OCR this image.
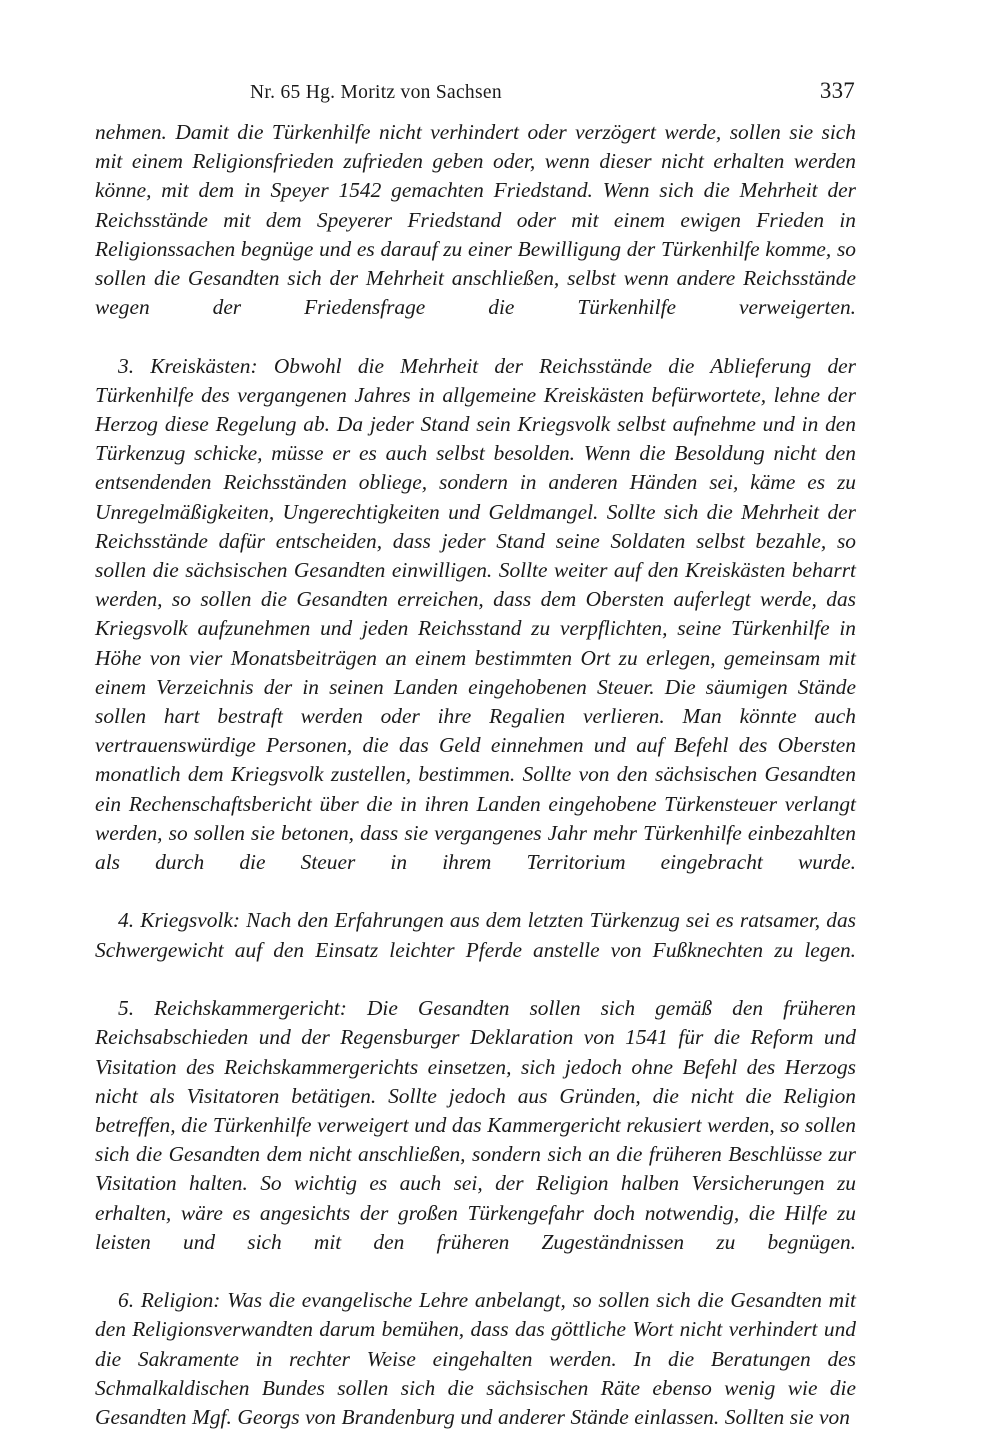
Nr. 65 Hg. Moritz von Sachsen	337

nehmen. Damit die Türkenhilfe nicht verhindert oder verzögert werde, sollen sie sich mit einem Religionsfrieden zufrieden geben oder, wenn dieser nicht erhalten werden könne, mit dem in Speyer 1542 gemachten Friedstand. Wenn sich die Mehrheit der Reichsstände mit dem Speyerer Friedstand oder mit einem ewigen Frieden in Religionssachen begnüge und es darauf zu einer Bewilligung der Türkenhilfe komme, so sollen die Gesandten sich der Mehrheit anschließen, selbst wenn andere Reichsstände wegen der Friedensfrage die Türkenhilfe verweigerten.

3. Kreiskästen: Obwohl die Mehrheit der Reichsstände die Ablieferung der Türkenhilfe des vergangenen Jahres in allgemeine Kreiskästen befürwortete, lehne der Herzog diese Regelung ab. Da jeder Stand sein Kriegsvolk selbst aufnehme und in den Türkenzug schicke, müsse er es auch selbst besolden. Wenn die Besoldung nicht den entsendenden Reichsständen obliege, sondern in anderen Händen sei, käme es zu Unregelmäßigkeiten, Ungerechtigkeiten und Geldmangel. Sollte sich die Mehrheit der Reichsstände dafür entscheiden, dass jeder Stand seine Soldaten selbst bezahle, so sollen die sächsischen Gesandten einwilligen. Sollte weiter auf den Kreiskästen beharrt werden, so sollen die Gesandten erreichen, dass dem Obersten auferlegt werde, das Kriegsvolk aufzunehmen und jeden Reichsstand zu verpflichten, seine Türkenhilfe in Höhe von vier Monatsbeiträgen an einem bestimmten Ort zu erlegen, gemeinsam mit einem Verzeichnis der in seinen Landen eingehobenen Steuer. Die säumigen Stände sollen hart bestraft werden oder ihre Regalien verlieren. Man könnte auch vertrauenswürdige Personen, die das Geld einnehmen und auf Befehl des Obersten monatlich dem Kriegsvolk zustellen, bestimmen. Sollte von den sächsischen Gesandten ein Rechenschaftsbericht über die in ihren Landen eingehobene Türkensteuer verlangt werden, so sollen sie betonen, dass sie vergangenes Jahr mehr Türkenhilfe einbezahlten als durch die Steuer in ihrem Territorium eingebracht wurde.

4. Kriegsvolk: Nach den Erfahrungen aus dem letzten Türkenzug sei es ratsamer, das Schwergewicht auf den Einsatz leichter Pferde anstelle von Fußknechten zu legen.

5. Reichskammergericht: Die Gesandten sollen sich gemäß den früheren Reichsabschieden und der Regensburger Deklaration von 1541 für die Reform und Visitation des Reichskammergerichts einsetzen, sich jedoch ohne Befehl des Herzogs nicht als Visitatoren betätigen. Sollte jedoch aus Gründen, die nicht die Religion betreffen, die Türkenhilfe verweigert und das Kammergericht rekusiert werden, so sollen sich die Gesandten dem nicht anschließen, sondern sich an die früheren Beschlüsse zur Visitation halten. So wichtig es auch sei, der Religion halben Versicherungen zu erhalten, wäre es angesichts der großen Türkengefahr doch notwendig, die Hilfe zu leisten und sich mit den früheren Zugeständnissen zu begnügen.

6. Religion: Was die evangelische Lehre anbelangt, so sollen sich die Gesandten mit den Religionsverwandten darum bemühen, dass das göttliche Wort nicht verhindert und die Sakramente in rechter Weise eingehalten werden. In die Beratungen des Schmalkaldischen Bundes sollen sich die sächsischen Räte ebenso wenig wie die Gesandten Mgf. Georgs von Brandenburg und anderer Stände einlassen. Sollten sie von
